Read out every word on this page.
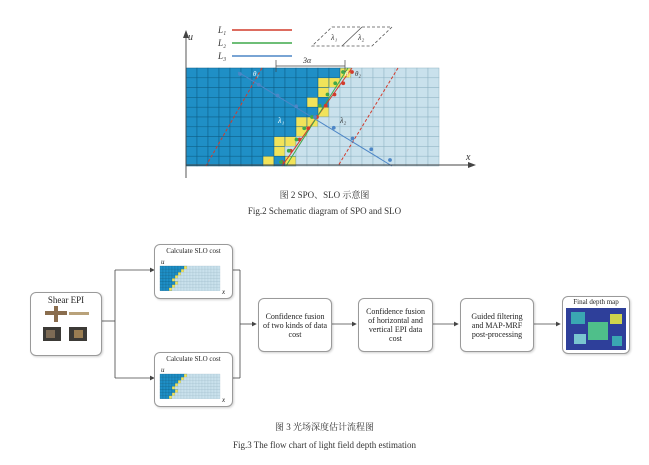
u
x
L₁
L₂
L₃
λ₁	λ₂
3α
θ₁ θ₂
θ₁
λ₁	λ₂
图 2 SPO、SLO 示意图
Fig.2 Schematic diagram of SPO and SLO
Shear EPI
Calculate SLO cost
u
x
Calculate SLO cost
u
x
Confidence fusion of two kinds of data cost
Confidence fusion of horizontal and vertical EPI data cost
Guided filtering and MAP-MRF post-processing
Final depth map
图 3 光场深度估计流程图
Fig.3 The flow chart of light field depth estimation
